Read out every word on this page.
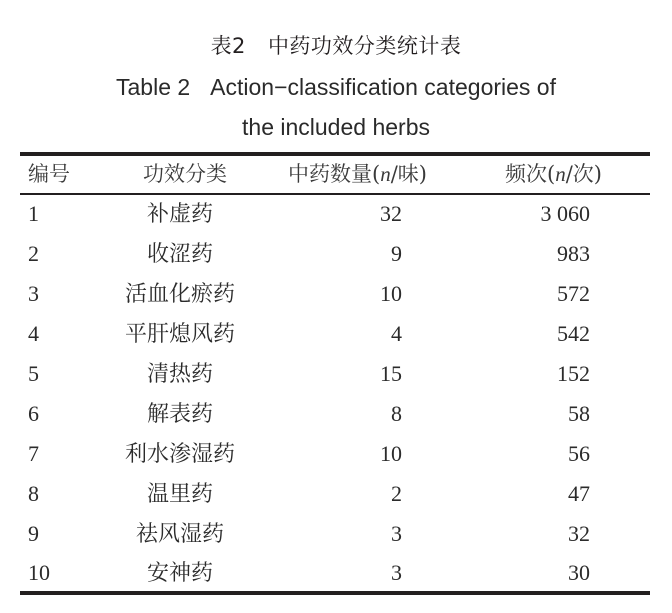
表2 中药功效分类统计表
Table 2 Action−classification categories of
the included herbs
编号	功效分类	中药数量(n/味)	频次(n/次)
1	补虚药	32	3 060
2	收涩药	9	983
3	活血化瘀药	10	572
4	平肝熄风药	4	542
5	清热药	15	152
6	解表药	8	58
7	利水渗湿药	10	56
8	温里药	2	47
9	祛风湿药	3	32
10	安神药	3	30
